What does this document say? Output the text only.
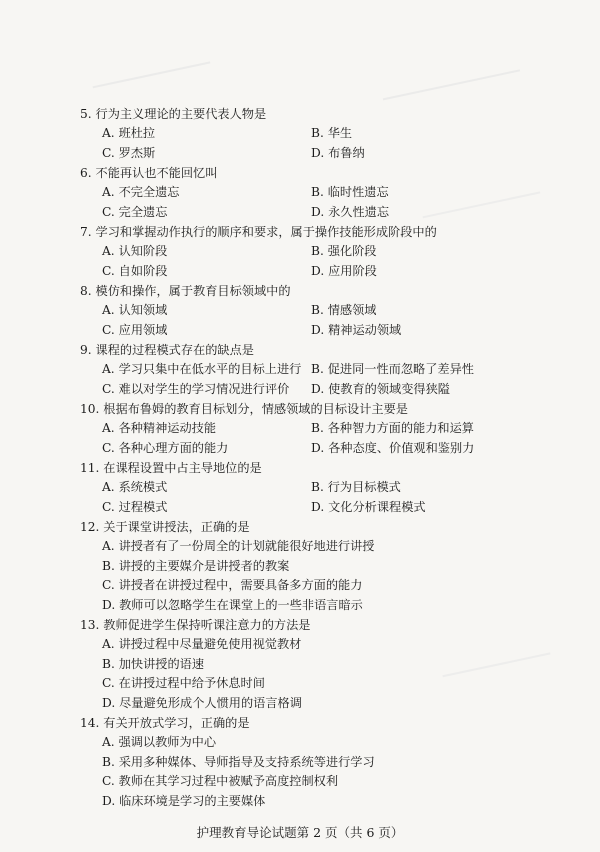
5. 行为主义理论的主要代表人物是
A. 班杜拉	B. 华生
C. 罗杰斯	D. 布鲁纳
6. 不能再认也不能回忆叫
A. 不完全遗忘	B. 临时性遗忘
C. 完全遗忘	D. 永久性遗忘
7. 学习和掌握动作执行的顺序和要求，属于操作技能形成阶段中的
A. 认知阶段	B. 强化阶段
C. 自如阶段	D. 应用阶段
8. 模仿和操作，属于教育目标领域中的
A. 认知领域	B. 情感领域
C. 应用领域	D. 精神运动领域
9. 课程的过程模式存在的缺点是
A. 学习只集中在低水平的目标上进行 B. 促进同一性而忽略了差异性
C. 难以对学生的学习情况进行评价 D. 使教育的领域变得狭隘
10. 根据布鲁姆的教育目标划分，情感领域的目标设计主要是
A. 各种精神运动技能	B. 各种智力方面的能力和运算
C. 各种心理方面的能力	D. 各种态度、价值观和鉴别力
11. 在课程设置中占主导地位的是
A. 系统模式	B. 行为目标模式
C. 过程模式	D. 文化分析课程模式
12. 关于课堂讲授法，正确的是
A. 讲授者有了一份周全的计划就能很好地进行讲授
B. 讲授的主要媒介是讲授者的教案
C. 讲授者在讲授过程中，需要具备多方面的能力
D. 教师可以忽略学生在课堂上的一些非语言暗示
13. 教师促进学生保持听课注意力的方法是
A. 讲授过程中尽量避免使用视觉教材
B. 加快讲授的语速
C. 在讲授过程中给予休息时间
D. 尽量避免形成个人惯用的语言格调
14. 有关开放式学习，正确的是
A. 强调以教师为中心
B. 采用多种媒体、导师指导及支持系统等进行学习
C. 教师在其学习过程中被赋予高度控制权利
D. 临床环境是学习的主要媒体
护理教育导论试题第 2 页（共 6 页）
